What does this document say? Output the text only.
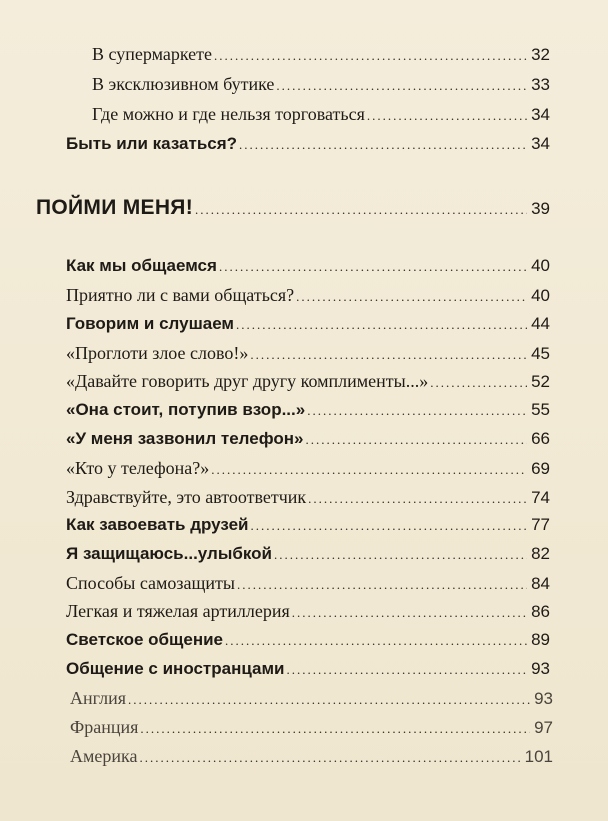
В супермаркете .....	32
В эксклюзивном бутике .....	33
Где можно и где нельзя торговаться .....	34
Быть или казаться? .....	34
ПОЙМИ МЕНЯ! .....	39
Как мы общаемся .....	40
Приятно ли с вами общаться? .....	40
Говорим и слушаем .....	44
«Проглоти злое слово!» .....	45
«Давайте говорить друг другу комплименты...» .....	52
«Она стоит, потупив взор...» .....	55
«У меня зазвонил телефон» .....	66
«Кто у телефона?» .....	69
Здравствуйте, это автоответчик .....	74
Как завоевать друзей .....	77
Я защищаюсь...улыбкой .....	82
Способы самозащиты .....	84
Легкая и тяжелая артиллерия .....	86
Светское общение .....	89
Общение с иностранцами .....	93
Англия .....	93
Франция .....	97
Америка .....	101
